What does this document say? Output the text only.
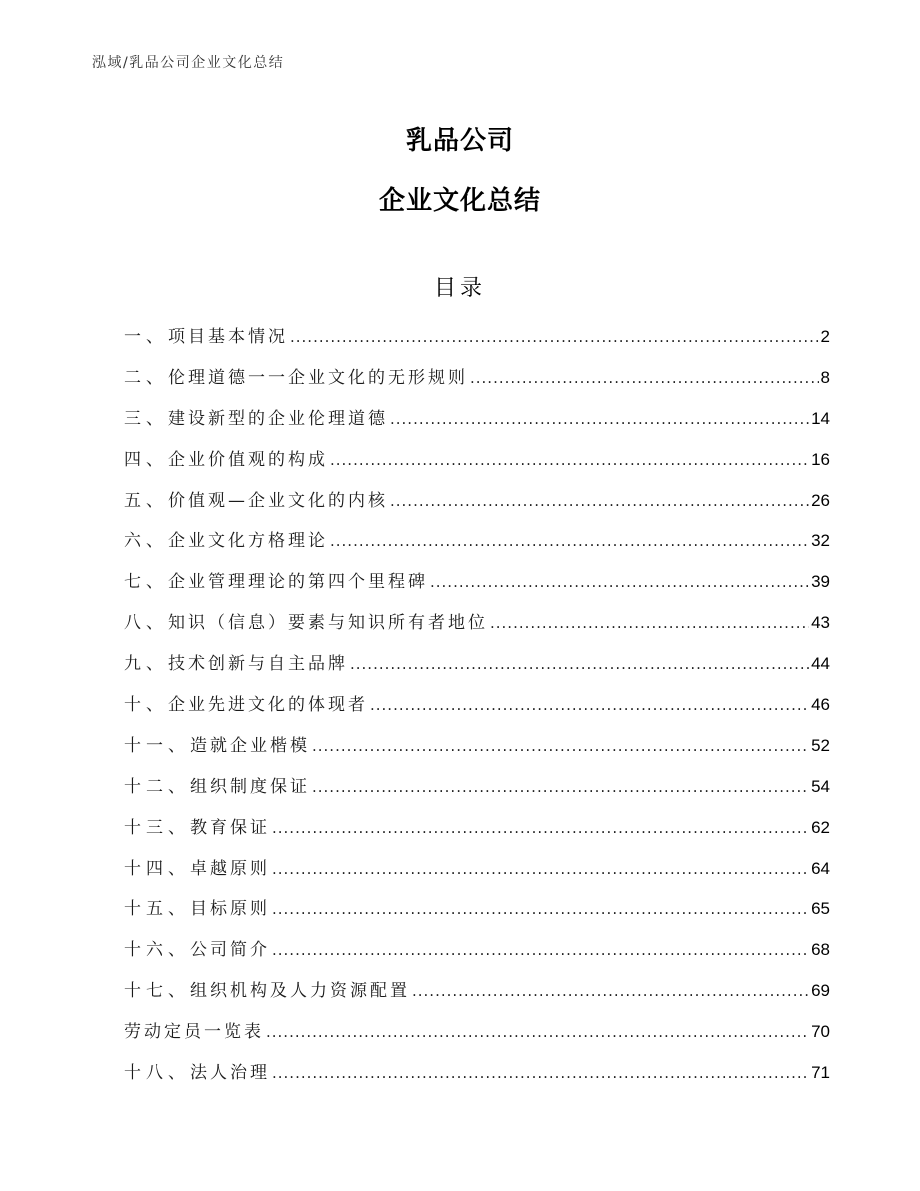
泓域/乳品公司企业文化总结
乳品公司
企业文化总结
目录
一、 项目基本情况 .....	2
二、 伦理道德一一企业文化的无形规则 .....	8
三、 建设新型的企业伦理道德 .....	14
四、 企业价值观的构成 .....	16
五、 价值观—企业文化的内核 .....	26
六、 企业文化方格理论 .....	32
七、 企业管理理论的第四个里程碑 .....	39
八、 知识（信息）要素与知识所有者地位 .....	43
九、 技术创新与自主品牌 .....	44
十、 企业先进文化的体现者 .....	46
十一、 造就企业楷模 .....	52
十二、 组织制度保证 .....	54
十三、 教育保证 .....	62
十四、 卓越原则 .....	64
十五、 目标原则 .....	65
十六、 公司简介 .....	68
十七、 组织机构及人力资源配置 .....	69
劳动定员一览表 .....	70
十八、 法人治理 .....	71
